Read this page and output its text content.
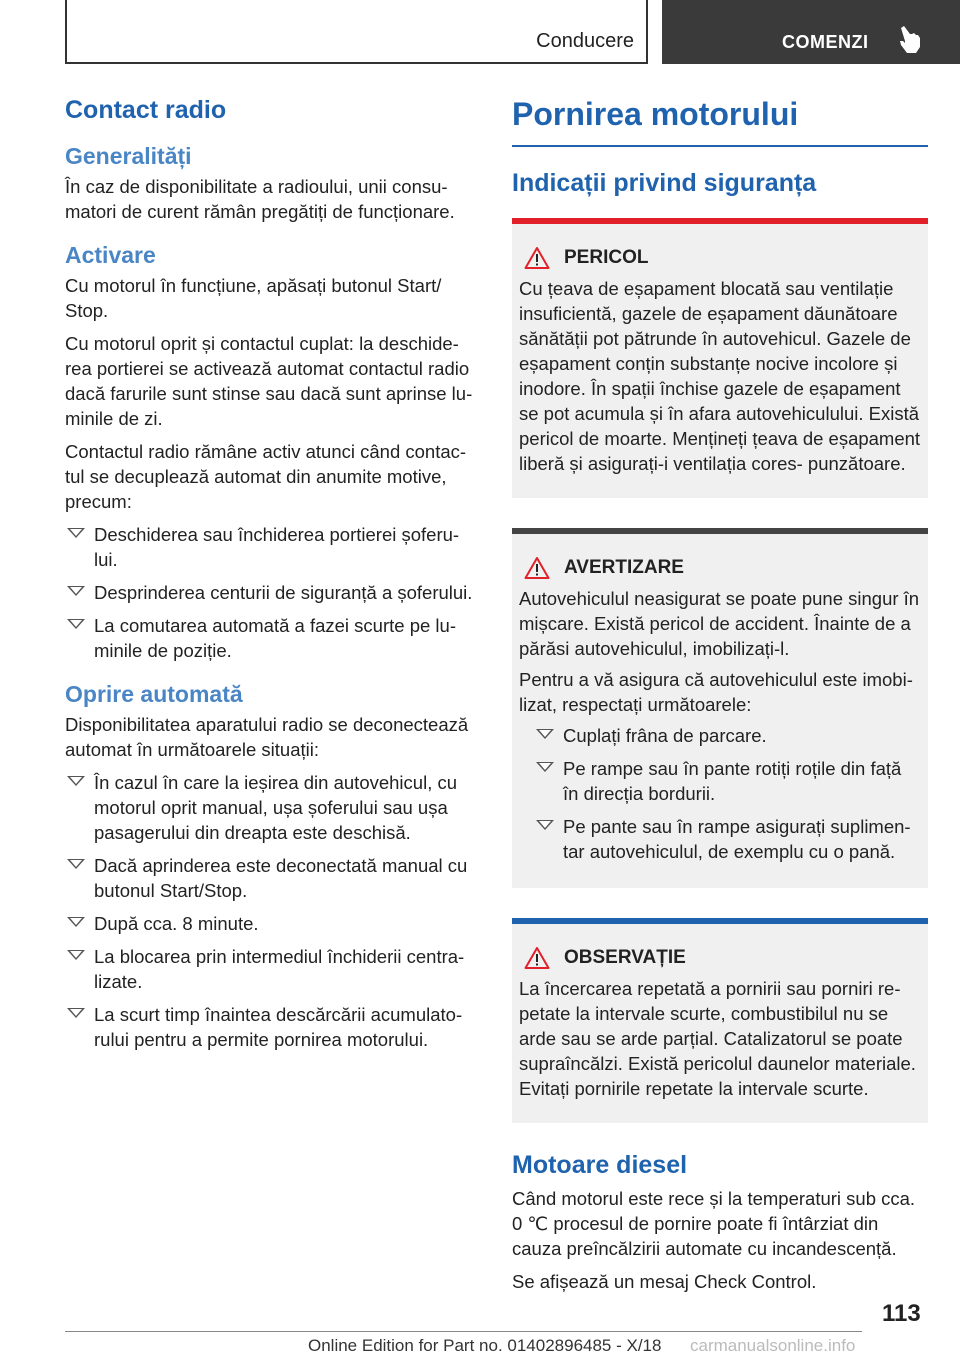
Conducere	COMENZI
Contact radio
Generalități

În caz de disponibilitate a radioului, unii consu‐ matori de curent rămân pregătiți de funcționare.

Activare

Cu motorul în funcțiune, apăsați butonul Start/ Stop.

Cu motorul oprit și contactul cuplat: la deschide‐ rea portierei se activează automat contactul radio dacă farurile sunt stinse sau dacă sunt aprinse lu‐ minile de zi.

Contactul radio rămâne activ atunci când contac‐ tul se decuplează automat din anumite motive, precum:

Deschiderea sau închiderea portierei șoferu‐ lui.
Desprinderea centurii de siguranță a șoferului.
La comutarea automată a fazei scurte pe lu‐ minile de poziție.
Oprire automată

Disponibilitatea aparatului radio se deconectează automat în următoarele situații:

În cazul în care la ieșirea din autovehicul, cu motorul oprit manual, ușa șoferului sau ușa pasagerului din dreapta este deschisă.
Dacă aprinderea este deconectată manual cu butonul Start/Stop.
După cca. 8 minute.
La blocarea prin intermediul închiderii centra‐ lizate.
La scurt timp înaintea descărcării acumulato‐ rului pentru a permite pornirea motorului.
Pornirea motorului
Indicații privind siguranța
PERICOL

Cu țeava de eșapament blocată sau ventilație insuficientă, gazele de eșapament dăunătoare sănătății pot pătrunde în autovehicul. Gazele de eșapament conțin substanțe nocive incolore și inodore. În spații închise gazele de eșapament se pot acumula și în afara autovehiculului. Există pericol de moarte. Mențineți țeava de eșapament liberă și asigurați-i ventilația cores‐ punzătoare.

AVERTIZARE

Autovehiculul neasigurat se poate pune singur în mișcare. Există pericol de accident. Înainte de a părăsi autovehiculul, imobilizați-l.

Pentru a vă asigura că autovehiculul este imobi‐ lizat, respectați următoarele:

Cuplați frâna de parcare.
Pe rampe sau în pante rotiți roțile din față în direcția bordurii.
Pe pante sau în rampe asigurați suplimen‐ tar autovehiculul, de exemplu cu o pană.
OBSERVAȚIE

La încercarea repetată a pornirii sau porniri re‐ petate la intervale scurte, combustibilul nu se arde sau se arde parțial. Catalizatorul se poate supraîncălzi. Există pericolul daunelor materiale. Evitați pornirile repetate la intervale scurte.

Motoare diesel

Când motorul este rece și la temperaturi sub cca. 0 ℃ procesul de pornire poate fi întârziat din cauza preîncălzirii automate cu incandescență.

Se afișează un mesaj Check Control.

113
Online Edition for Part no. 01402896485 - X/18 carmanualsonline.info
